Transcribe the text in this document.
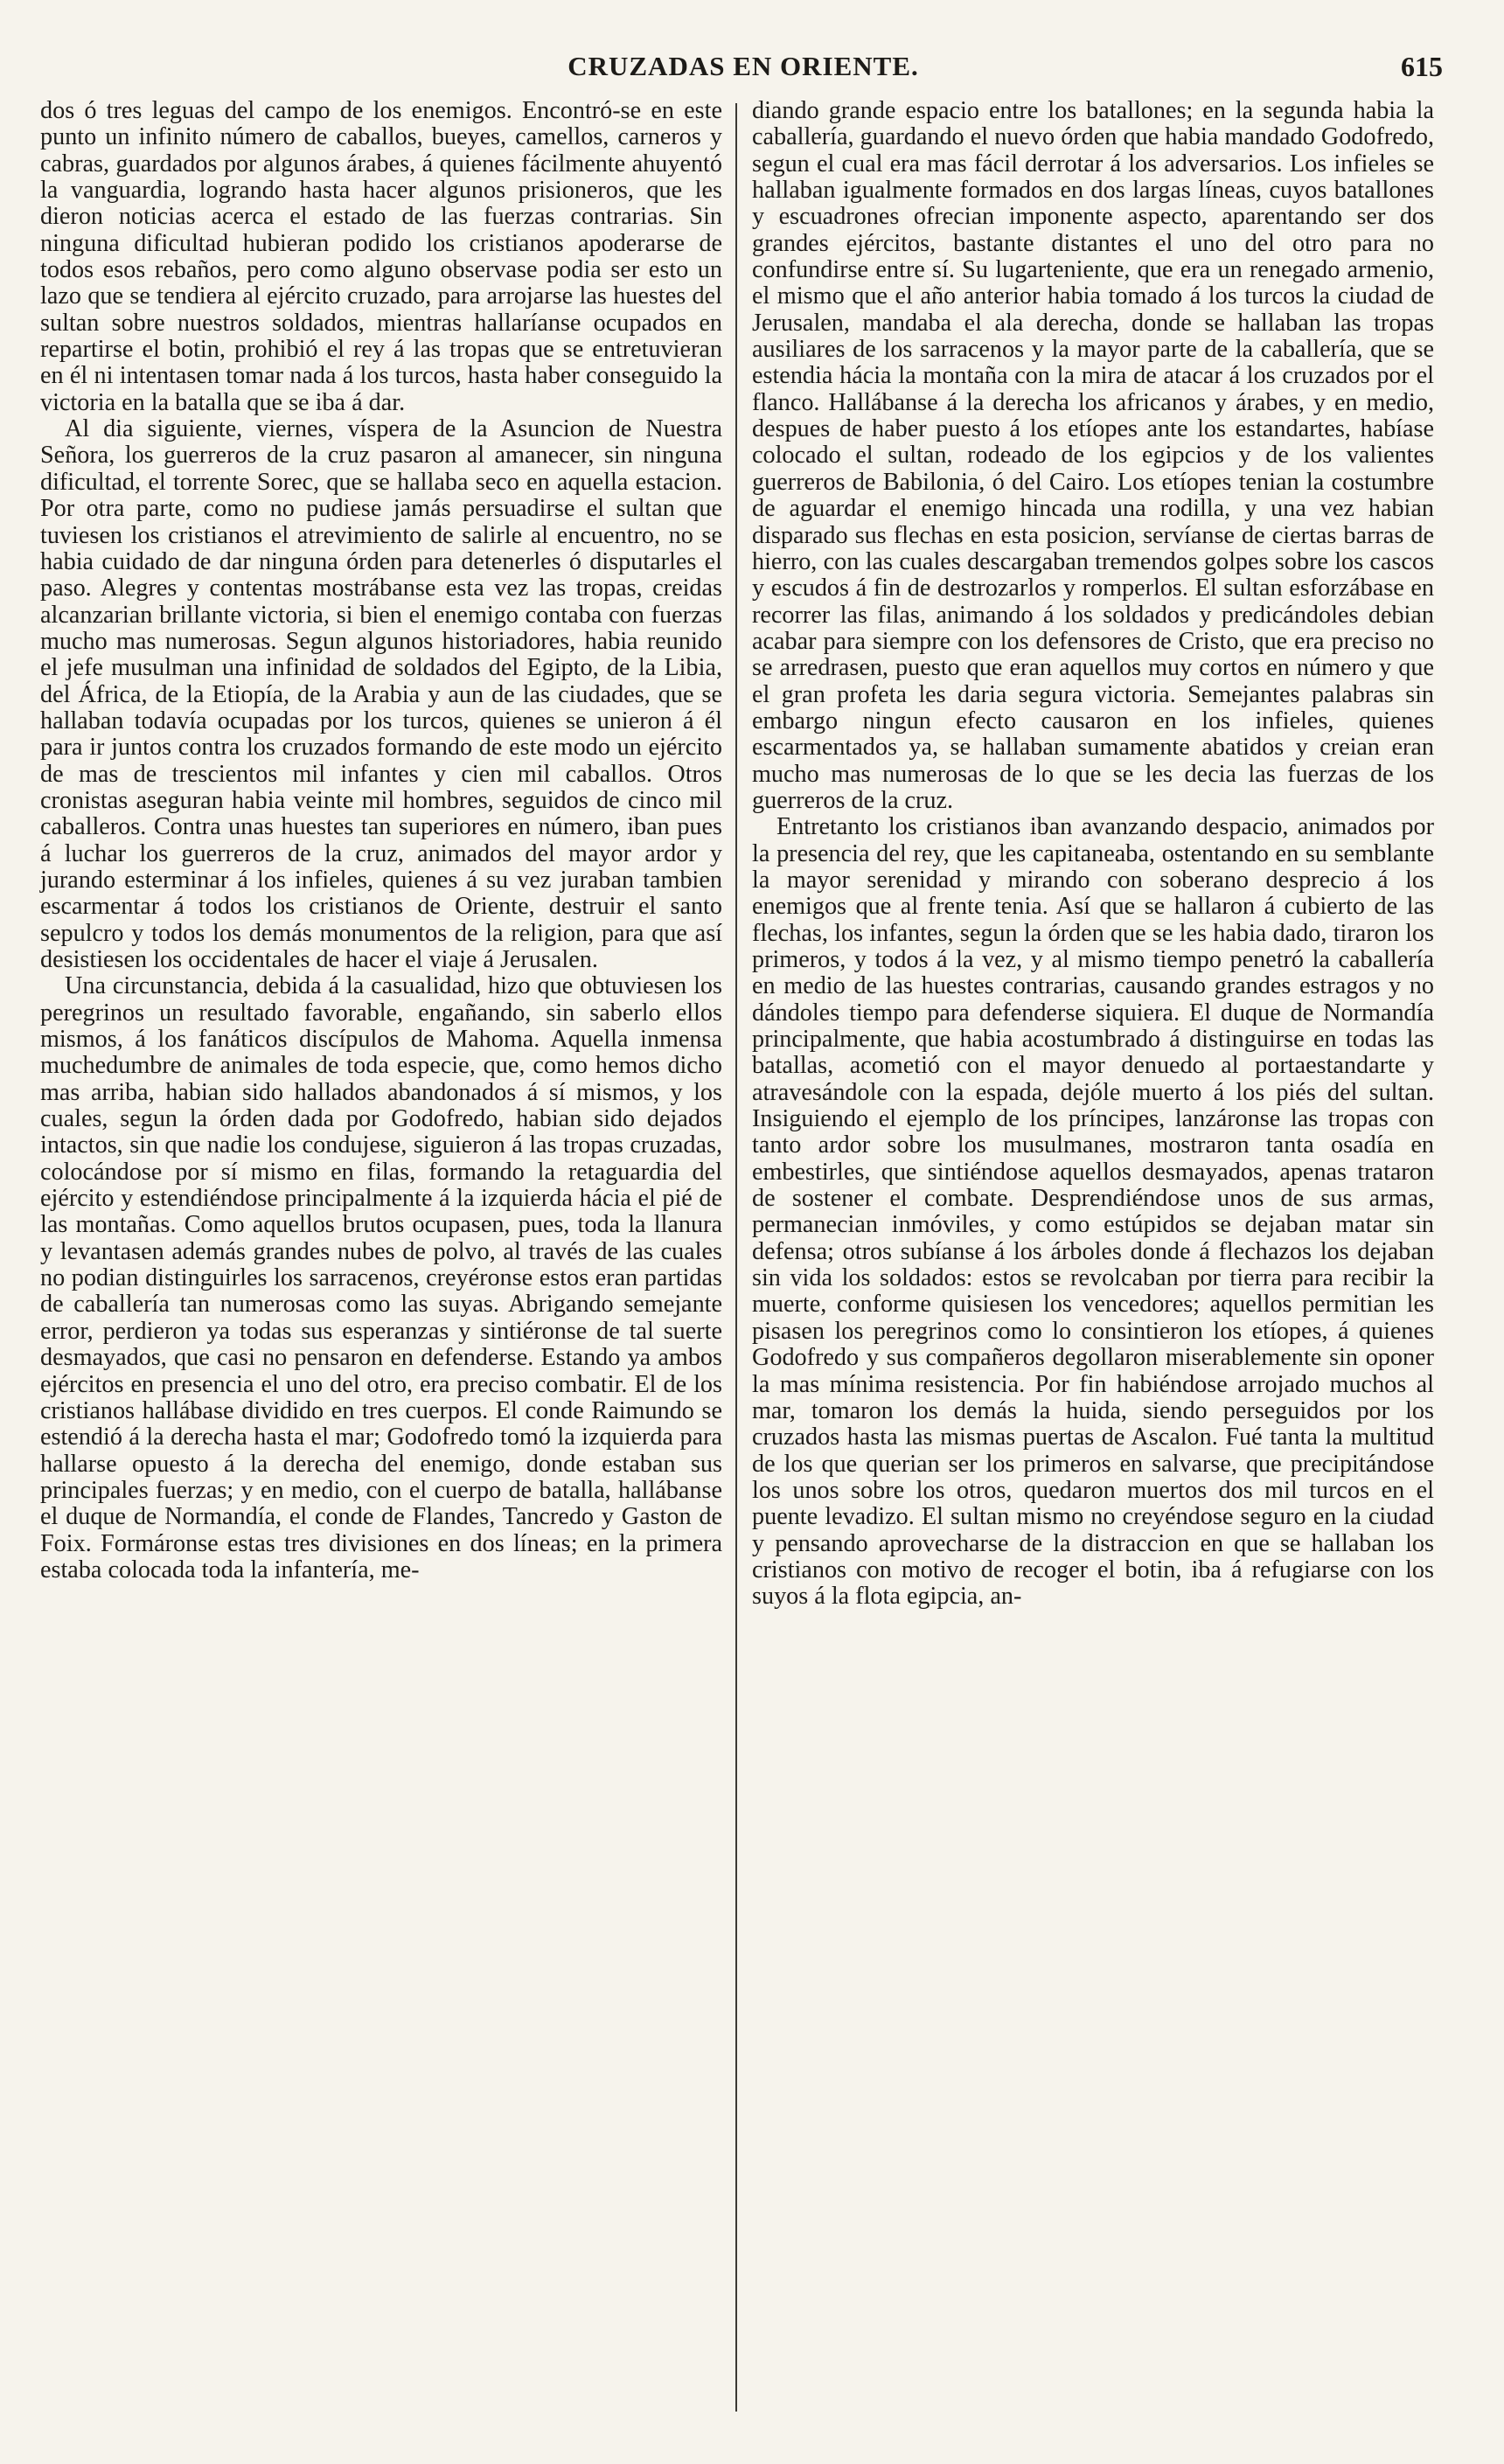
CRUZADAS EN ORIENTE.	615

dos ó tres leguas del campo de los enemigos. Encontró-se en este punto un infinito número de caballos, bueyes, camellos, carneros y cabras, guardados por algunos árabes, á quienes fácilmente ahuyentó la vanguardia, logrando hasta hacer algunos prisioneros, que les dieron noticias acerca el estado de las fuerzas contrarias. Sin ninguna dificultad hubieran podido los cristianos apoderarse de todos esos rebaños, pero como alguno observase podia ser esto un lazo que se tendiera al ejército cruzado, para arrojarse las huestes del sultan sobre nuestros soldados, mientras hallaríanse ocupados en repartirse el botin, prohibió el rey á las tropas que se entretuvieran en él ni intentasen tomar nada á los turcos, hasta haber conseguido la victoria en la batalla que se iba á dar.

Al dia siguiente, viernes, víspera de la Asuncion de Nuestra Señora, los guerreros de la cruz pasaron al amanecer, sin ninguna dificultad, el torrente Sorec, que se hallaba seco en aquella estacion. Por otra parte, como no pudiese jamás persuadirse el sultan que tuviesen los cristianos el atrevimiento de salirle al encuentro, no se habia cuidado de dar ninguna órden para detenerles ó disputarles el paso. Alegres y contentas mostrábanse esta vez las tropas, creidas alcanzarian brillante victoria, si bien el enemigo contaba con fuerzas mucho mas numerosas. Segun algunos historiadores, habia reunido el jefe musulman una infinidad de soldados del Egipto, de la Libia, del África, de la Etiopía, de la Arabia y aun de las ciudades, que se hallaban todavía ocupadas por los turcos, quienes se unieron á él para ir juntos contra los cruzados formando de este modo un ejército de mas de trescientos mil infantes y cien mil caballos. Otros cronistas aseguran habia veinte mil hombres, seguidos de cinco mil caballeros. Contra unas huestes tan superiores en número, iban pues á luchar los guerreros de la cruz, animados del mayor ardor y jurando esterminar á los infieles, quienes á su vez juraban tambien escarmentar á todos los cristianos de Oriente, destruir el santo sepulcro y todos los demás monumentos de la religion, para que así desistiesen los occidentales de hacer el viaje á Jerusalen.

Una circunstancia, debida á la casualidad, hizo que obtuviesen los peregrinos un resultado favorable, engañando, sin saberlo ellos mismos, á los fanáticos discípulos de Mahoma. Aquella inmensa muchedumbre de animales de toda especie, que, como hemos dicho mas arriba, habian sido hallados abandonados á sí mismos, y los cuales, segun la órden dada por Godofredo, habian sido dejados intactos, sin que nadie los condujese, siguieron á las tropas cruzadas, colocándose por sí mismo en filas, formando la retaguardia del ejército y estendiéndose principalmente á la izquierda hácia el pié de las montañas. Como aquellos brutos ocupasen, pues, toda la llanura y levantasen además grandes nubes de polvo, al través de las cuales no podian distinguirles los sarracenos, creyéronse estos eran partidas de caballería tan numerosas como las suyas. Abrigando semejante error, perdieron ya todas sus esperanzas y sintiéronse de tal suerte desmayados, que casi no pensaron en defenderse. Estando ya ambos ejércitos en presencia el uno del otro, era preciso combatir. El de los cristianos hallábase dividido en tres cuerpos. El conde Raimundo se estendió á la derecha hasta el mar; Godofredo tomó la izquierda para hallarse opuesto á la derecha del enemigo, donde estaban sus principales fuerzas; y en medio, con el cuerpo de batalla, hallábanse el duque de Normandía, el conde de Flandes, Tancredo y Gaston de Foix. Formáronse estas tres divisiones en dos líneas; en la primera estaba colocada toda la infantería, me-

diando grande espacio entre los batallones; en la segunda habia la caballería, guardando el nuevo órden que habia mandado Godofredo, segun el cual era mas fácil derrotar á los adversarios. Los infieles se hallaban igualmente formados en dos largas líneas, cuyos batallones y escuadrones ofrecian imponente aspecto, aparentando ser dos grandes ejércitos, bastante distantes el uno del otro para no confundirse entre sí. Su lugarteniente, que era un renegado armenio, el mismo que el año anterior habia tomado á los turcos la ciudad de Jerusalen, mandaba el ala derecha, donde se hallaban las tropas ausiliares de los sarracenos y la mayor parte de la caballería, que se estendia hácia la montaña con la mira de atacar á los cruzados por el flanco. Hallábanse á la derecha los africanos y árabes, y en medio, despues de haber puesto á los etíopes ante los estandartes, habíase colocado el sultan, rodeado de los egipcios y de los valientes guerreros de Babilonia, ó del Cairo. Los etíopes tenian la costumbre de aguardar el enemigo hincada una rodilla, y una vez habian disparado sus flechas en esta posicion, servíanse de ciertas barras de hierro, con las cuales descargaban tremendos golpes sobre los cascos y escudos á fin de destrozarlos y romperlos. El sultan esforzábase en recorrer las filas, animando á los soldados y predicándoles debian acabar para siempre con los defensores de Cristo, que era preciso no se arredrasen, puesto que eran aquellos muy cortos en número y que el gran profeta les daria segura victoria. Semejantes palabras sin embargo ningun efecto causaron en los infieles, quienes escarmentados ya, se hallaban sumamente abatidos y creian eran mucho mas numerosas de lo que se les decia las fuerzas de los guerreros de la cruz.

Entretanto los cristianos iban avanzando despacio, animados por la presencia del rey, que les capitaneaba, ostentando en su semblante la mayor serenidad y mirando con soberano desprecio á los enemigos que al frente tenia. Así que se hallaron á cubierto de las flechas, los infantes, segun la órden que se les habia dado, tiraron los primeros, y todos á la vez, y al mismo tiempo penetró la caballería en medio de las huestes contrarias, causando grandes estragos y no dándoles tiempo para defenderse siquiera. El duque de Normandía principalmente, que habia acostumbrado á distinguirse en todas las batallas, acometió con el mayor denuedo al portaestandarte y atravesándole con la espada, dejóle muerto á los piés del sultan. Insiguiendo el ejemplo de los príncipes, lanzáronse las tropas con tanto ardor sobre los musulmanes, mostraron tanta osadía en embestirles, que sintiéndose aquellos desmayados, apenas trataron de sostener el combate. Desprendiéndose unos de sus armas, permanecian inmóviles, y como estúpidos se dejaban matar sin defensa; otros subíanse á los árboles donde á flechazos los dejaban sin vida los soldados: estos se revolcaban por tierra para recibir la muerte, conforme quisiesen los vencedores; aquellos permitian les pisasen los peregrinos como lo consintieron los etíopes, á quienes Godofredo y sus compañeros degollaron miserablemente sin oponer la mas mínima resistencia. Por fin habiéndose arrojado muchos al mar, tomaron los demás la huida, siendo perseguidos por los cruzados hasta las mismas puertas de Ascalon. Fué tanta la multitud de los que querian ser los primeros en salvarse, que precipitándose los unos sobre los otros, quedaron muertos dos mil turcos en el puente levadizo. El sultan mismo no creyéndose seguro en la ciudad y pensando aprovecharse de la distraccion en que se hallaban los cristianos con motivo de recoger el botin, iba á refugiarse con los suyos á la flota egipcia, an-
